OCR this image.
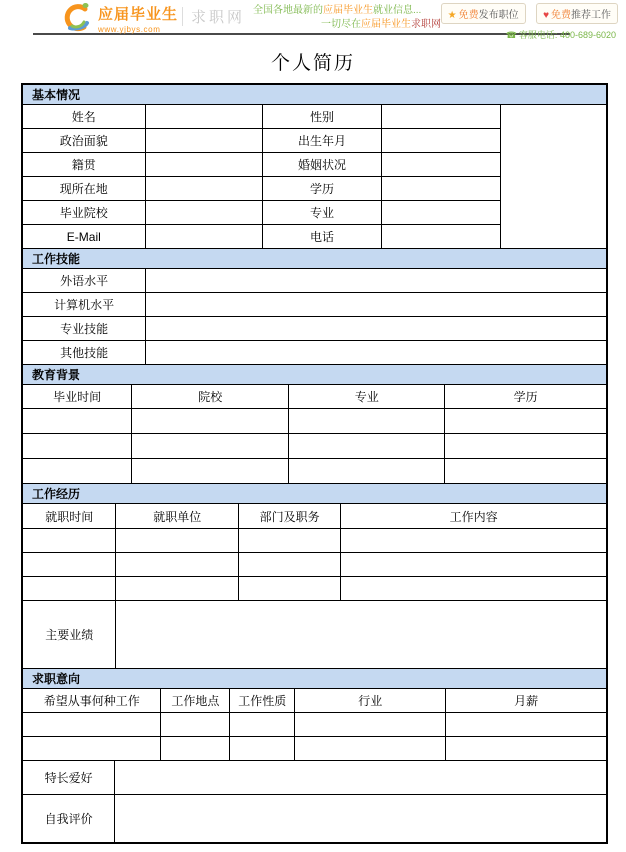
应届毕业生
www.yjbys.com
求职网 全国各地最新的应届毕业生就业信息...
一切尽在应届毕业生求职网
★ 免费发布职位 ♥ 免费推荐工作
☎ 客服电话: 400-689-6020
个人简历
基本情况				
姓名		性别		
政治面貌		出生年月		
籍贯		婚姻状况		
现所在地		学历		
毕业院校		专业		
E-Mail		电话		
工作技能	
外语水平	
计算机水平	
专业技能	
其他技能	
教育背景			
毕业时间	院校	专业	学历

工作经历			
就职时间	就职单位	部门及职务	工作内容

主要业绩			
求职意向				
希望从事何种工作	工作地点	工作性质	行业	月薪

特长爱好	
自我评价	
